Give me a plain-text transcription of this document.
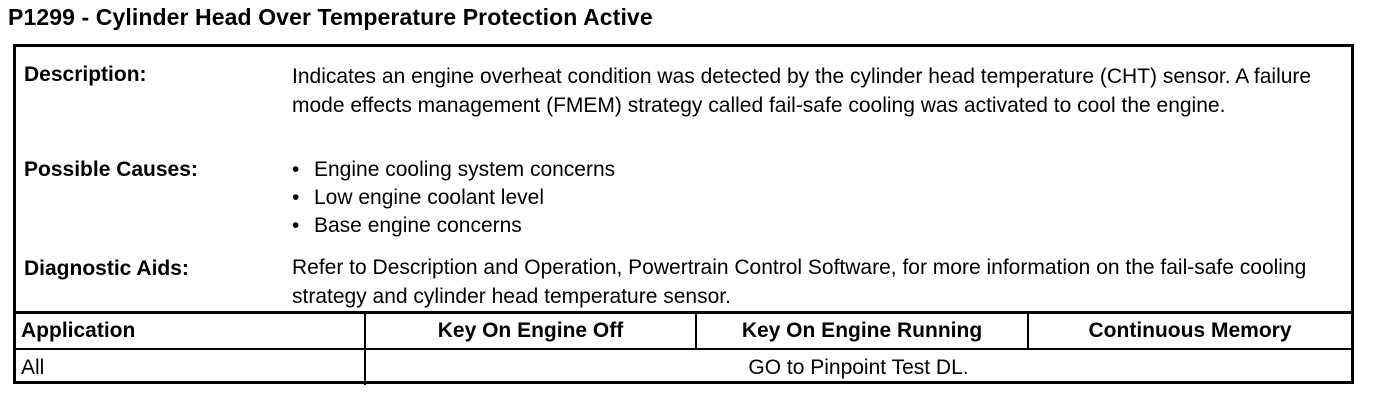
P1299 - Cylinder Head Over Temperature Protection Active
Description:	Indicates an engine overheat condition was detected by the cylinder head temperature (CHT) sensor. A failure mode effects management (FMEM) strategy called fail-safe cooling was activated to cool the engine.
Possible Causes:	• Engine cooling system concerns
• Low engine coolant level
• Base engine concerns
Diagnostic Aids:	Refer to Description and Operation, Powertrain Control Software, for more information on the fail-safe cooling strategy and cylinder head temperature sensor.
Application	Key On Engine Off	Key On Engine Running	Continuous Memory
All	GO to Pinpoint Test DL.
